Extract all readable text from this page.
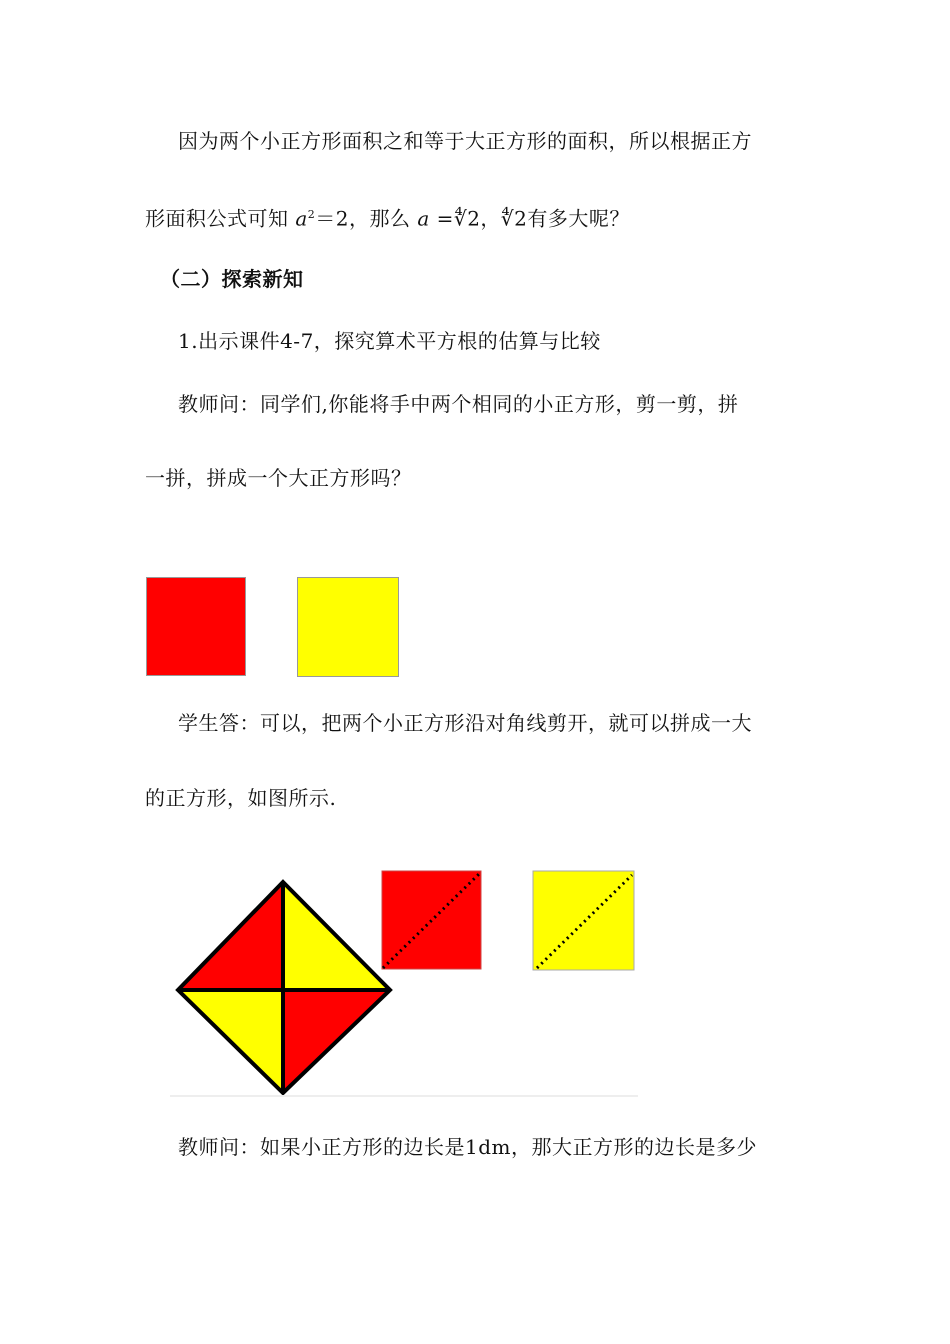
因为两个小正方形面积之和等于大正方形的面积，所以根据正方
形面积公式可知 $a^2=2$，那么 a =∜2，∜2有多大呢？
（二）探索新知
1.出示课件4-7，探究算术平方根的估算与比较
教师问：同学们,你能将手中两个相同的小正方形，剪一剪，拼
一拼，拼成一个大正方形吗？
学生答：可以，把两个小正方形沿对角线剪开，就可以拼成一大
的正方形，如图所示.
教师问：如果小正方形的边长是1dm，那大正方形的边长是多少
